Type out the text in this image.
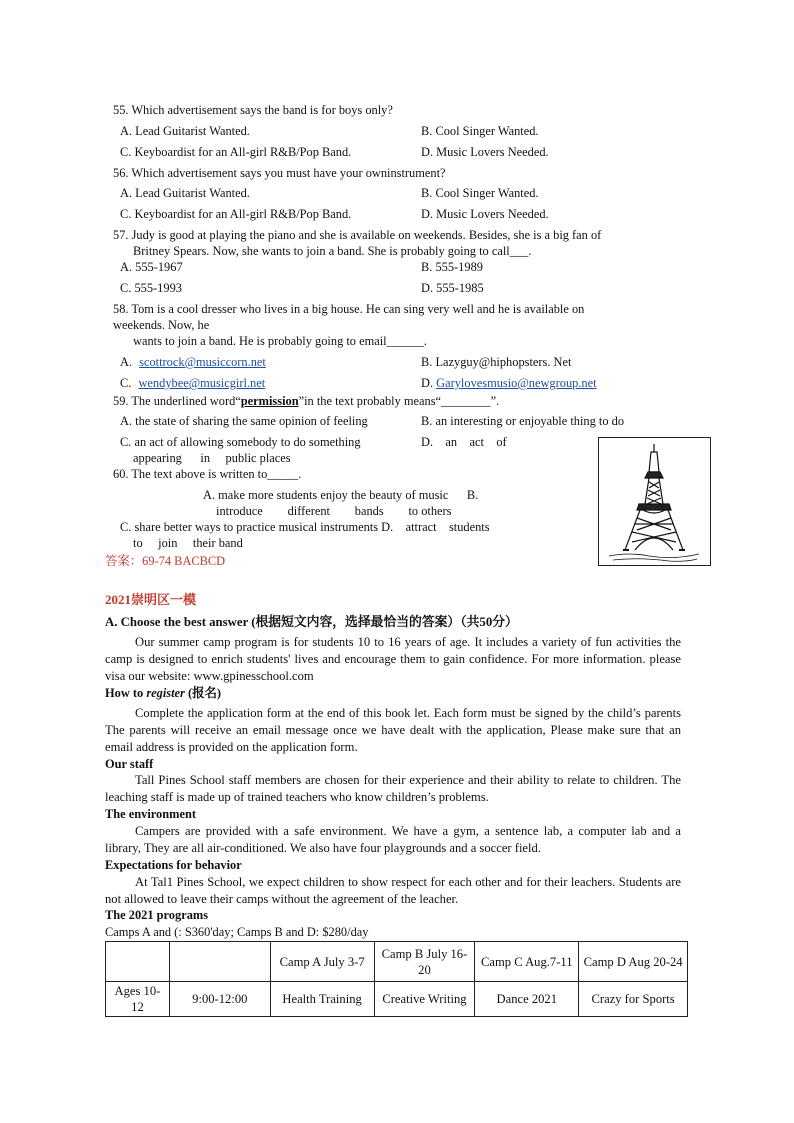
55. Which advertisement says the band is for boys only?
A. Lead Guitarist Wanted.	B. Cool Singer Wanted.
C. Keyboardist for an All-girl R&B/Pop Band.	D. Music Lovers Needed.
56. Which advertisement says you must have your owninstrument?
A. Lead Guitarist Wanted.	B. Cool Singer Wanted.
C. Keyboardist for an All-girl R&B/Pop Band.	D. Music Lovers Needed.
57. Judy is good at playing the piano and she is available on weekends. Besides, she is a big fan of
Britney Spears. Now, she wants to join a band. She is probably going to call___.
A. 555-1967	B. 555-1989
C. 555-1993	D. 555-1985
58. Tom is a cool dresser who lives in a big house. He can sing very well and he is available on
weekends. Now, he
wants to join a band. He is probably going to email______.
A. scottrock@musiccorn.net	B. Lazyguy@hiphopsters. Net
C. wendybee@musicgirl.net	D. Garylovesmusio@newgroup.net
59. The underlined word“permission”in the text probably means“________”.
A. the state of sharing the same opinion of feeling	B. an interesting or enjoyable thing to do
C. an act of allowing somebody to do something	D.    an    act    of
appearing      in     public places
60. The text above is written to_____.
A. make more students enjoy the beauty of music      B.
introduce        different        bands        to others
C. share better ways to practice musical instruments D.    attract    students
to     join     their band
答案：69-74 BACBCD
2021崇明区一模
A. Choose the best answer (根据短文内容，选择最恰当的答案）（共50分）

Our summer camp program is for students 10 to 16 years of age. It includes a variety of fun activities the camp is designed to enrich students' lives and encourage them to gain confidence. For more information. please visa our website: www.gpinesschool.com

How to register (报名)

Complete the application form at the end of this book let. Each form must be signed by the child’s parents The parents will receive an email message once we have dealt with the application, Please make sure that an email address is provided on the application form.

Our staff

Tall Pines School staff members are chosen for their experience and their ability to relate to children. The leaching staff is made up of trained teachers who know children’s problems.

The environment

Campers are provided with a safe environment. We have a gym, a sentence lab, a computer lab and a library, They are all air-conditioned. We also have four playgrounds and a soccer field.

Expectations for behavior

At Tal1 Pines School, we expect children to show respect for each other and for their leachers. Students are not allowed to leave their camps without the agreement of the leacher.

The 2021 programs
Camps A and (: S360'day; Camps B and D: $280/day
		Camp A July 3-7	Camp B July 16-20	Camp C Aug.7-11	Camp D Aug 20-24
Ages 10-12	9:00-12:00	Health Training	Creative Writing	Dance 2021	Crazy for Sports
